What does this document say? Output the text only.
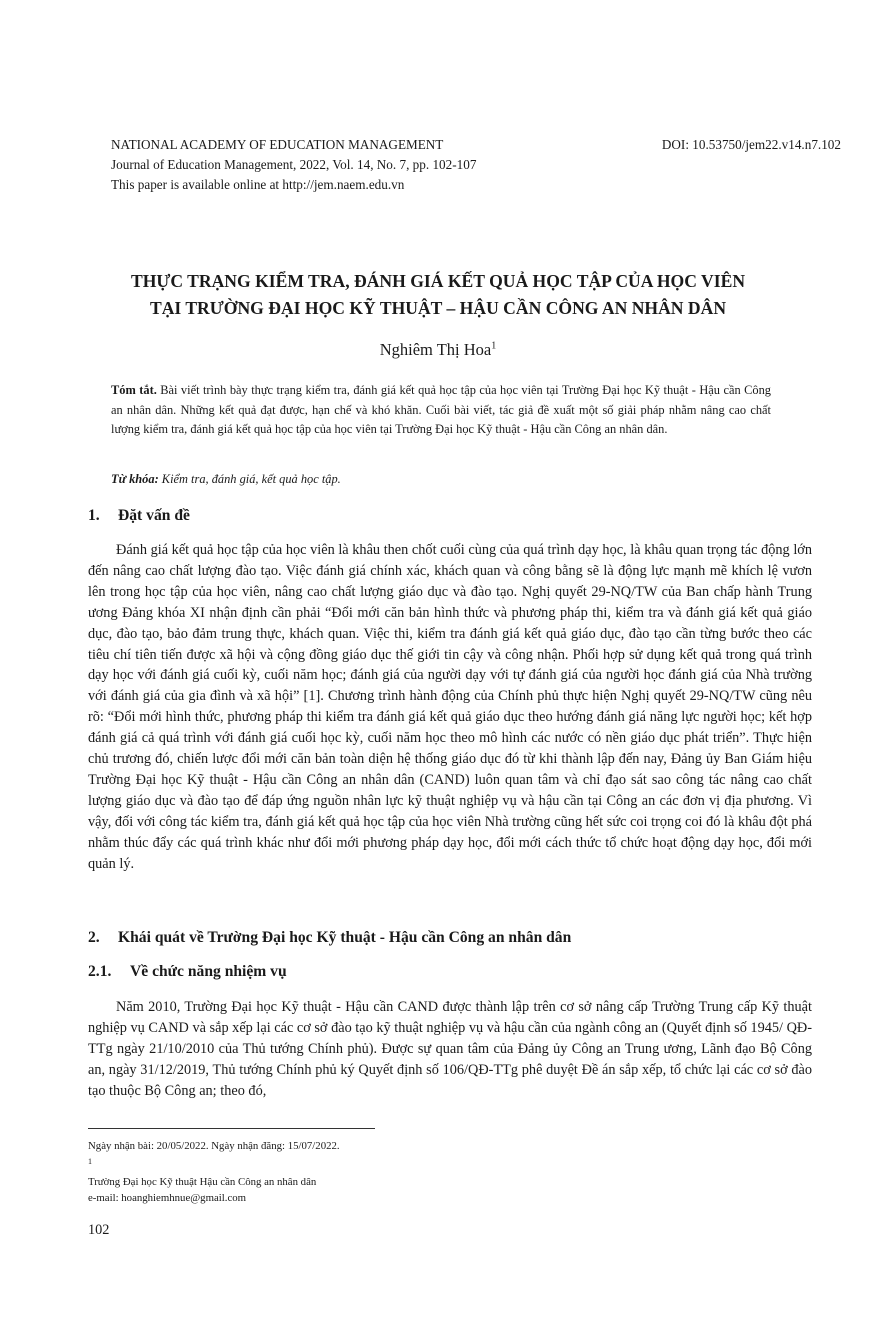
NATIONAL ACADEMY OF EDUCATION MANAGEMENT	DOI: 10.53750/jem22.v14.n7.102
Journal of Education Management, 2022, Vol. 14, No. 7, pp. 102-107
This paper is available online at http://jem.naem.edu.vn
THỰC TRẠNG KIỂM TRA, ĐÁNH GIÁ KẾT QUẢ HỌC TẬP CỦA HỌC VIÊN
TẠI TRƯỜNG ĐẠI HỌC KỸ THUẬT – HẬU CẦN CÔNG AN NHÂN DÂN
Nghiêm Thị Hoa$^1$
Tóm tắt. Bài viết trình bày thực trạng kiểm tra, đánh giá kết quả học tập của học viên tại Trường Đại học Kỹ thuật - Hậu cần Công an nhân dân. Những kết quả đạt được, hạn chế và khó khăn. Cuối bài viết, tác giả đề xuất một số giải pháp nhằm nâng cao chất lượng kiểm tra, đánh giá kết quả học tập của học viên tại Trường Đại học Kỹ thuật - Hậu cần Công an nhân dân.
Từ khóa: Kiểm tra, đánh giá, kết quả học tập.
1. Đặt vấn đề

Đánh giá kết quả học tập của học viên là khâu then chốt cuối cùng của quá trình dạy học, là khâu quan trọng tác động lớn đến nâng cao chất lượng đào tạo. Việc đánh giá chính xác, khách quan và công bằng sẽ là động lực mạnh mẽ khích lệ vươn lên trong học tập của học viên, nâng cao chất lượng giáo dục và đào tạo. Nghị quyết 29-NQ/TW của Ban chấp hành Trung ương Đảng khóa XI nhận định cần phải “Đổi mới căn bản hình thức và phương pháp thi, kiểm tra và đánh giá kết quả giáo dục, đào tạo, bảo đảm trung thực, khách quan. Việc thi, kiểm tra đánh giá kết quả giáo dục, đào tạo cần từng bước theo các tiêu chí tiên tiến được xã hội và cộng đồng giáo dục thế giới tin cậy và công nhận. Phối hợp sử dụng kết quả trong quá trình dạy học với đánh giá cuối kỳ, cuối năm học; đánh giá của người dạy với tự đánh giá của người học đánh giá của Nhà trường với đánh giá của gia đình và xã hội” [1]. Chương trình hành động của Chính phủ thực hiện Nghị quyết 29-NQ/TW cũng nêu rõ: “Đổi mới hình thức, phương pháp thi kiểm tra đánh giá kết quả giáo dục theo hướng đánh giá năng lực người học; kết hợp đánh giá cả quá trình với đánh giá cuối học kỳ, cuối năm học theo mô hình các nước có nền giáo dục phát triển”. Thực hiện chủ trương đó, chiến lược đổi mới căn bản toàn diện hệ thống giáo dục đó từ khi thành lập đến nay, Đảng ủy Ban Giám hiệu Trường Đại học Kỹ thuật - Hậu cần Công an nhân dân (CAND) luôn quan tâm và chỉ đạo sát sao công tác nâng cao chất lượng giáo dục và đào tạo để đáp ứng nguồn nhân lực kỹ thuật nghiệp vụ và hậu cần tại Công an các đơn vị địa phương. Vì vậy, đối với công tác kiểm tra, đánh giá kết quả học tập của học viên Nhà trường cũng hết sức coi trọng coi đó là khâu đột phá nhằm thúc đẩy các quá trình khác như đổi mới phương pháp dạy học, đổi mới cách thức tổ chức hoạt động dạy học, đổi mới quản lý.

2. Khái quát về Trường Đại học Kỹ thuật - Hậu cần Công an nhân dân
2.1. Về chức năng nhiệm vụ

Năm 2010, Trường Đại học Kỹ thuật - Hậu cần CAND được thành lập trên cơ sở nâng cấp Trường Trung cấp Kỹ thuật nghiệp vụ CAND và sắp xếp lại các cơ sở đào tạo kỹ thuật nghiệp vụ và hậu cần của ngành công an (Quyết định số 1945/ QĐ-TTg ngày 21/10/2010 của Thủ tướng Chính phủ). Được sự quan tâm của Đảng ủy Công an Trung ương, Lãnh đạo Bộ Công an, ngày 31/12/2019, Thủ tướng Chính phủ ký Quyết định số 106/QĐ-TTg phê duyệt Đề án sắp xếp, tổ chức lại các cơ sở đào tạo thuộc Bộ Công an; theo đó,

Ngày nhận bài: 20/05/2022. Ngày nhận đăng: 15/07/2022.
$^1$
Trường Đại học Kỹ thuật Hậu cần Công an nhân dân
e-mail: hoanghiemhnue@gmail.com
102
